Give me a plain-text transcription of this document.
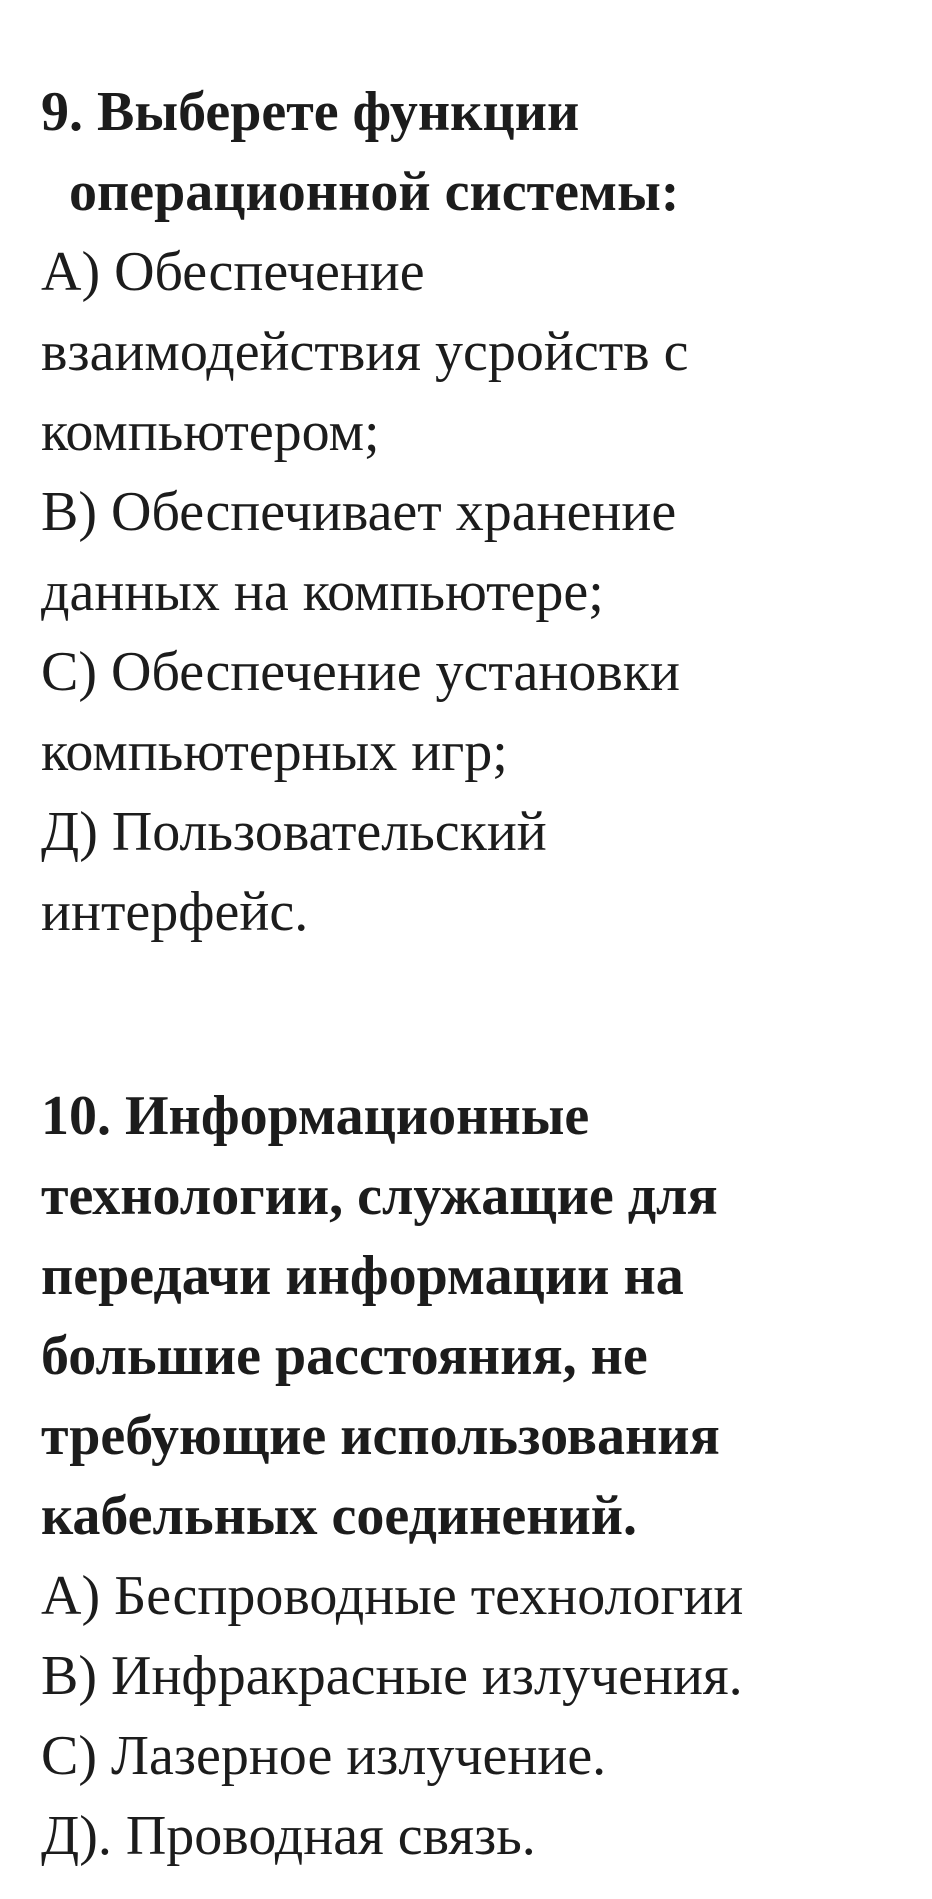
9. Выберете функции
операционной системы:
А) Обеспечение
взаимодействия усройств с
компьютером;
В) Обеспечивает хранение
данных на компьютере;
С) Обеспечение установки
компьютерных игр;
Д) Пользовательский
интерфейс.
10. Информационные
технологии, служащие для
передачи информации на
большие расстояния, не
требующие использования
кабельных соединений.
А) Беспроводные технологии
В) Инфракрасные излучения.
С) Лазерное излучение.
Д). Проводная связь.
